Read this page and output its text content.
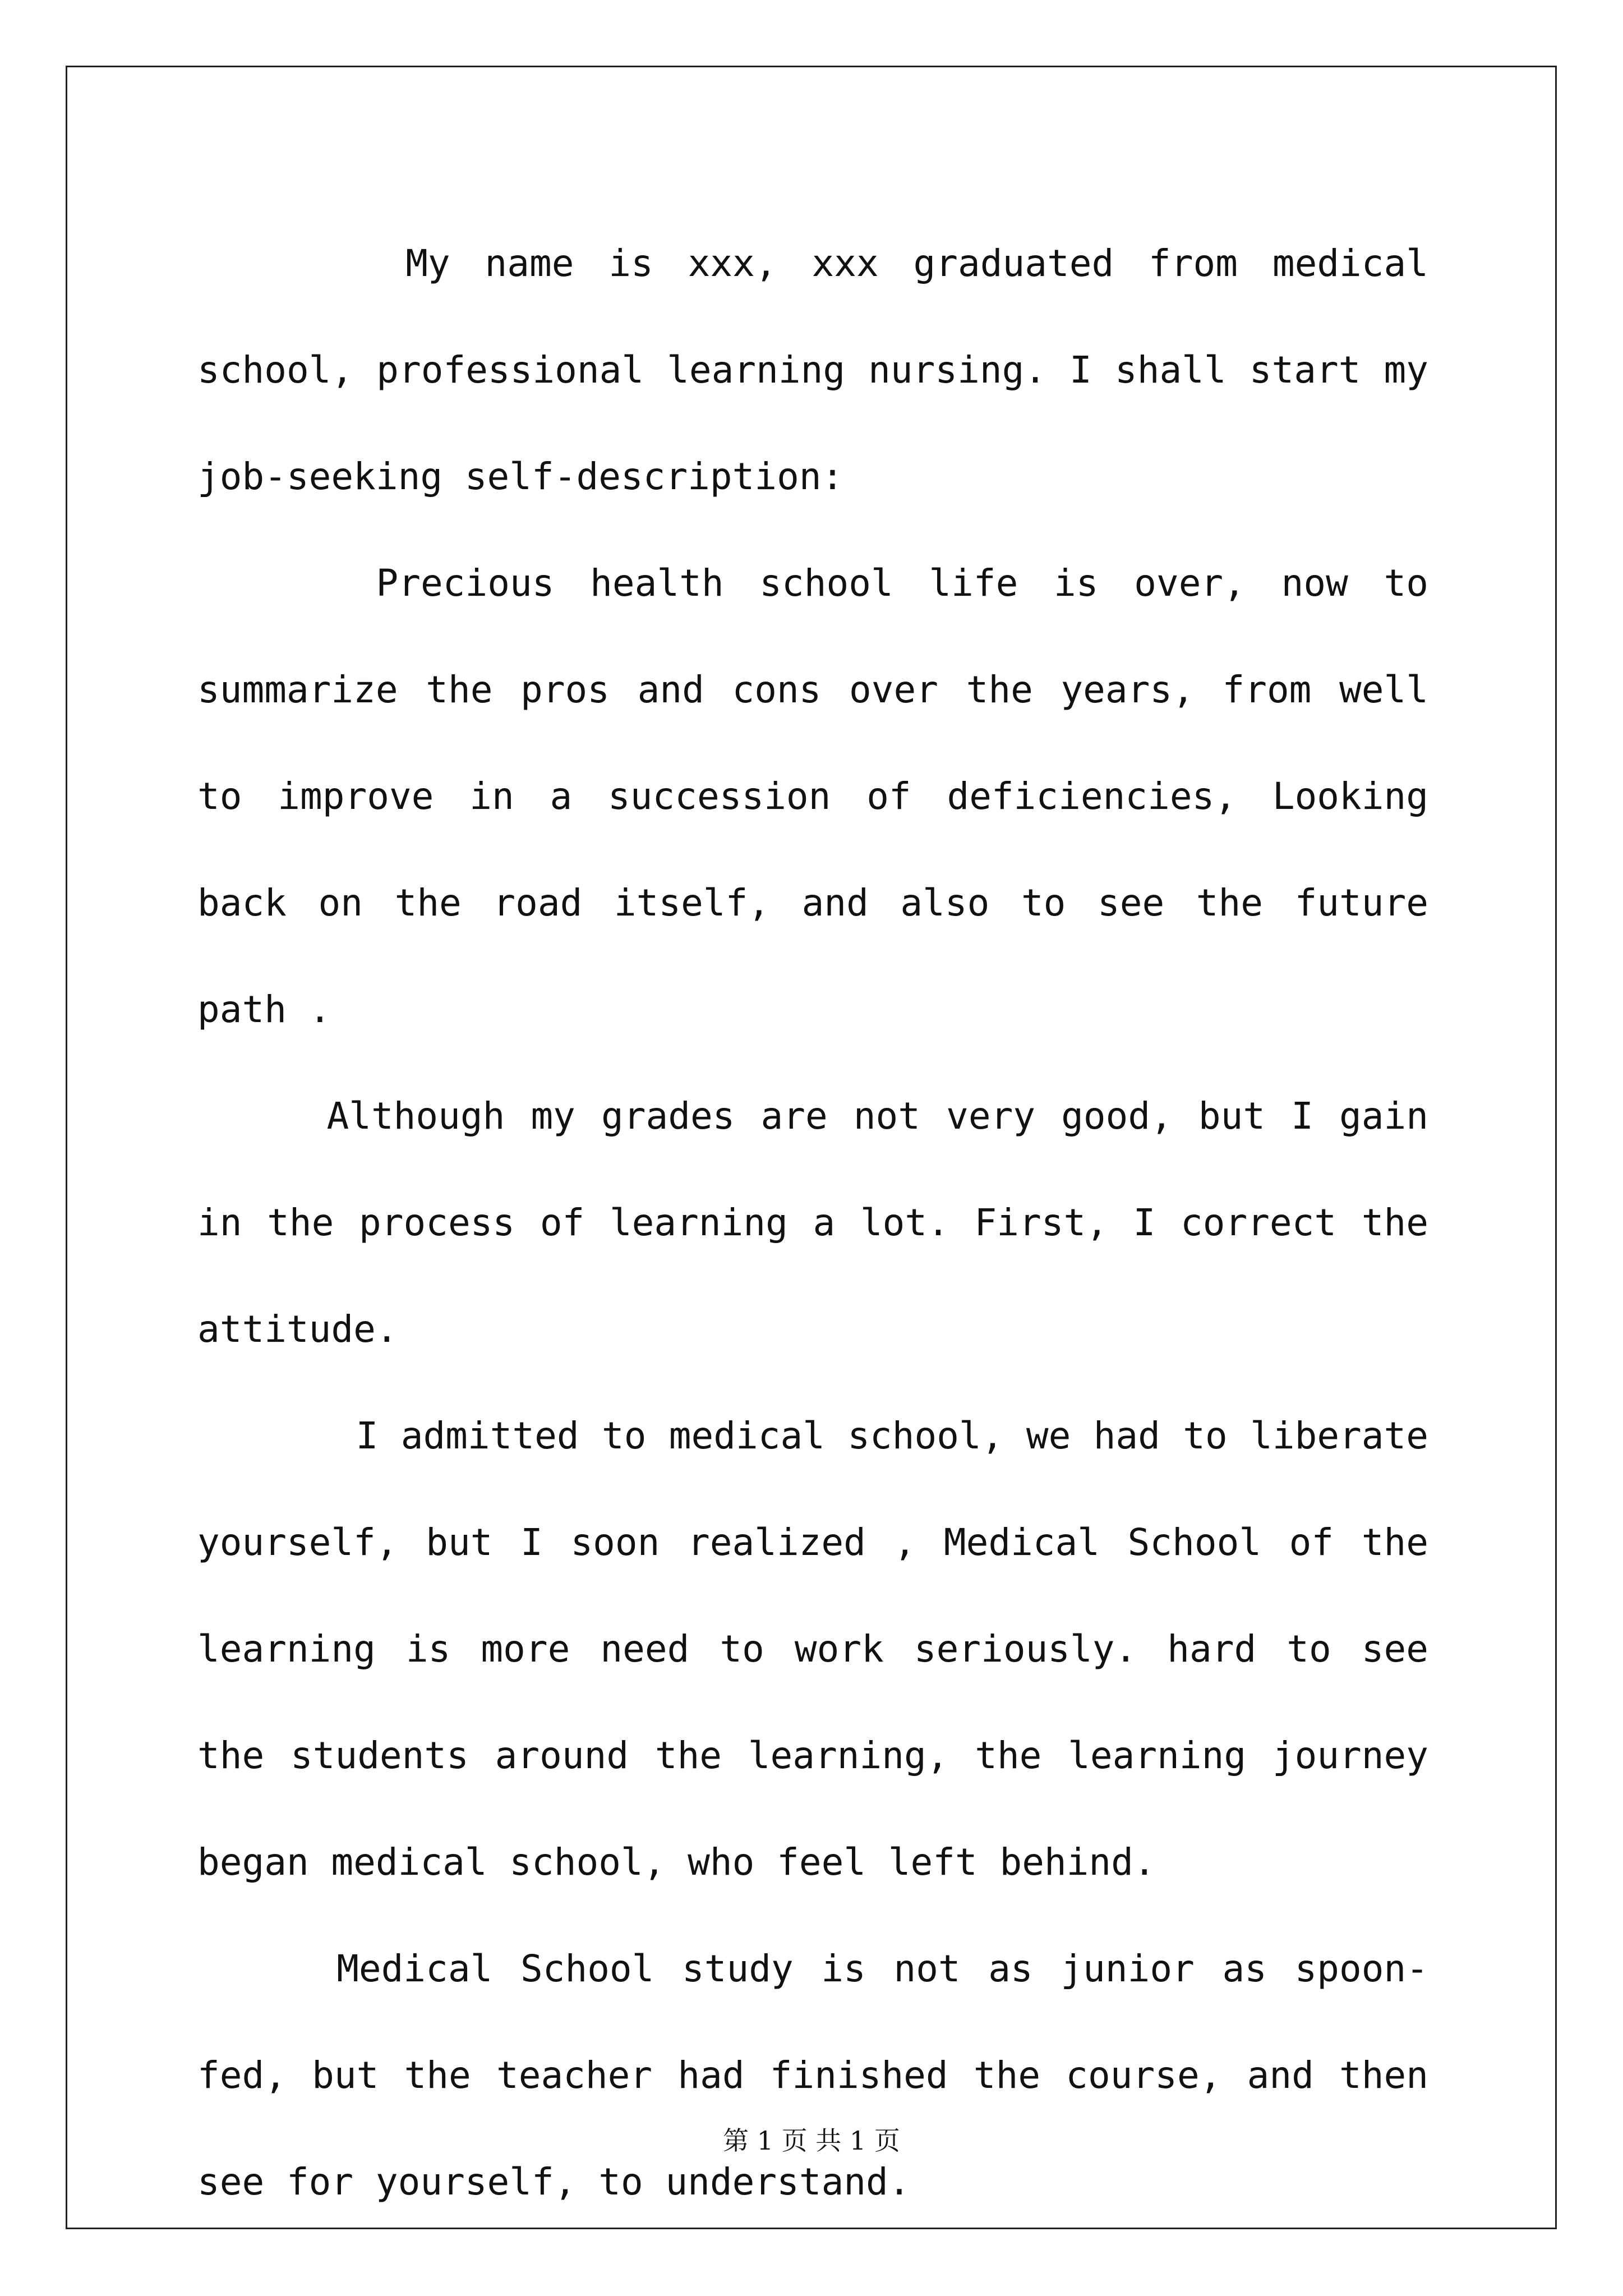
My name is xxx, xxx graduated from medical school, professional learning nursing. I shall start my job-seeking self-description:

Precious health school life is over, now to summarize the pros and cons over the years, from well to improve in a succession of deficiencies, Looking back on the road itself, and also to see the future path .

Although my grades are not very good, but I gain in the process of learning a lot. First, I correct the attitude.

I admitted to medical school, we had to liberate yourself, but I soon realized , Medical School of the learning is more need to work seriously. hard to see the students around the learning, the learning journey began medical school, who feel left behind.

Medical School study is not as junior as spoon-fed, but the teacher had finished the course, and then see for yourself, to understand.

第 1 页 共 1 页
